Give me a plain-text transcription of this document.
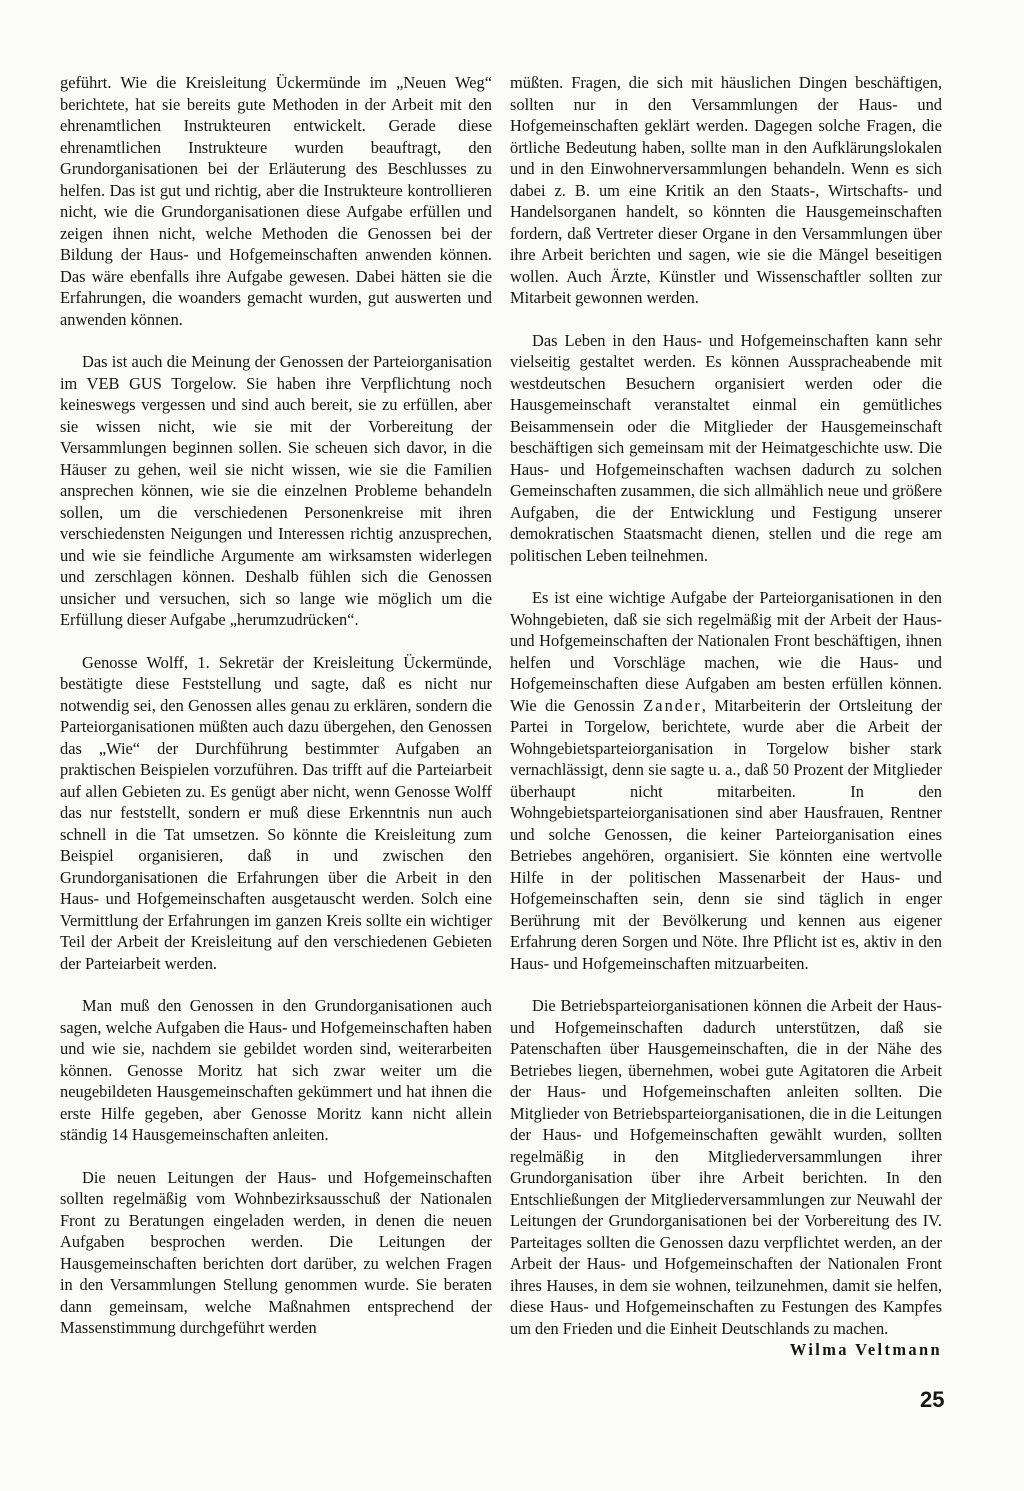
geführt. Wie die Kreisleitung Ückermünde im „Neuen Weg“ berichtete, hat sie bereits gute Methoden in der Arbeit mit den ehrenamtlichen Instrukteuren entwickelt. Gerade diese ehrenamtlichen Instrukteure wurden beauftragt, den Grundorganisationen bei der Erläuterung des Beschlusses zu helfen. Das ist gut und richtig, aber die Instrukteure kontrollieren nicht, wie die Grundorganisationen diese Aufgabe erfüllen und zeigen ihnen nicht, welche Methoden die Genossen bei der Bildung der Haus- und Hofgemeinschaften anwenden können. Das wäre ebenfalls ihre Aufgabe gewesen. Dabei hätten sie die Erfahrungen, die woanders gemacht wurden, gut auswerten und anwenden können.

Das ist auch die Meinung der Genossen der Parteiorganisation im VEB GUS Torgelow. Sie haben ihre Verpflichtung noch keineswegs vergessen und sind auch bereit, sie zu erfüllen, aber sie wissen nicht, wie sie mit der Vorbereitung der Versammlungen beginnen sollen. Sie scheuen sich davor, in die Häuser zu gehen, weil sie nicht wissen, wie sie die Familien ansprechen können, wie sie die einzelnen Probleme behandeln sollen, um die verschiedenen Personenkreise mit ihren verschiedensten Neigungen und Interessen richtig anzusprechen, und wie sie feindliche Argumente am wirksamsten widerlegen und zerschlagen können. Deshalb fühlen sich die Genossen unsicher und versuchen, sich so lange wie möglich um die Erfüllung dieser Aufgabe „herumzudrücken“.

Genosse Wolff, 1. Sekretär der Kreisleitung Ückermünde, bestätigte diese Feststellung und sagte, daß es nicht nur notwendig sei, den Genossen alles genau zu erklären, sondern die Parteiorganisationen müßten auch dazu übergehen, den Genossen das „Wie“ der Durchführung bestimmter Aufgaben an praktischen Beispielen vorzuführen. Das trifft auf die Parteiarbeit auf allen Gebieten zu. Es genügt aber nicht, wenn Genosse Wolff das nur feststellt, sondern er muß diese Erkenntnis nun auch schnell in die Tat umsetzen. So könnte die Kreisleitung zum Beispiel organisieren, daß in und zwischen den Grundorganisationen die Erfahrungen über die Arbeit in den Haus- und Hofgemeinschaften ausgetauscht werden. Solch eine Vermittlung der Erfahrungen im ganzen Kreis sollte ein wichtiger Teil der Arbeit der Kreisleitung auf den verschiedenen Gebieten der Parteiarbeit werden.

Man muß den Genossen in den Grundorganisationen auch sagen, welche Aufgaben die Haus- und Hofgemeinschaften haben und wie sie, nachdem sie gebildet worden sind, weiterarbeiten können. Genosse Moritz hat sich zwar weiter um die neugebildeten Hausgemeinschaften gekümmert und hat ihnen die erste Hilfe gegeben, aber Genosse Moritz kann nicht allein ständig 14 Hausgemeinschaften anleiten.

Die neuen Leitungen der Haus- und Hofgemeinschaften sollten regelmäßig vom Wohnbezirksausschuß der Nationalen Front zu Beratungen eingeladen werden, in denen die neuen Aufgaben besprochen werden. Die Leitungen der Hausgemeinschaften berichten dort darüber, zu welchen Fragen in den Versammlungen Stellung genommen wurde. Sie beraten dann gemeinsam, welche Maßnahmen entsprechend der Massenstimmung durchgeführt werden

müßten. Fragen, die sich mit häuslichen Dingen beschäftigen, sollten nur in den Versammlungen der Haus- und Hofgemeinschaften geklärt werden. Dagegen solche Fragen, die örtliche Bedeutung haben, sollte man in den Aufklärungslokalen und in den Einwohnerversammlungen behandeln. Wenn es sich dabei z. B. um eine Kritik an den Staats-, Wirtschafts- und Handelsorganen handelt, so könnten die Hausgemeinschaften fordern, daß Vertreter dieser Organe in den Versammlungen über ihre Arbeit berichten und sagen, wie sie die Mängel beseitigen wollen. Auch Ärzte, Künstler und Wissenschaftler sollten zur Mitarbeit gewonnen werden.

Das Leben in den Haus- und Hofgemeinschaften kann sehr vielseitig gestaltet werden. Es können Ausspracheabende mit westdeutschen Besuchern organisiert werden oder die Hausgemeinschaft veranstaltet einmal ein gemütliches Beisammensein oder die Mitglieder der Hausgemeinschaft beschäftigen sich gemeinsam mit der Heimatgeschichte usw. Die Haus- und Hofgemeinschaften wachsen dadurch zu solchen Gemeinschaften zusammen, die sich allmählich neue und größere Aufgaben, die der Entwicklung und Festigung unserer demokratischen Staatsmacht dienen, stellen und die rege am politischen Leben teilnehmen.

Es ist eine wichtige Aufgabe der Parteiorganisationen in den Wohngebieten, daß sie sich regelmäßig mit der Arbeit der Haus- und Hofgemeinschaften der Nationalen Front beschäftigen, ihnen helfen und Vorschläge machen, wie die Haus- und Hofgemeinschaften diese Aufgaben am besten erfüllen können. Wie die Genossin Zander, Mitarbeiterin der Ortsleitung der Partei in Torgelow, berichtete, wurde aber die Arbeit der Wohngebietsparteiorganisation in Torgelow bisher stark vernachlässigt, denn sie sagte u. a., daß 50 Prozent der Mitglieder überhaupt nicht mitarbeiten. In den Wohngebietsparteiorganisationen sind aber Hausfrauen, Rentner und solche Genossen, die keiner Parteiorganisation eines Betriebes angehören, organisiert. Sie könnten eine wertvolle Hilfe in der politischen Massenarbeit der Haus- und Hofgemeinschaften sein, denn sie sind täglich in enger Berührung mit der Bevölkerung und kennen aus eigener Erfahrung deren Sorgen und Nöte. Ihre Pflicht ist es, aktiv in den Haus- und Hofgemeinschaften mitzuarbeiten.

Die Betriebsparteiorganisationen können die Arbeit der Haus- und Hofgemeinschaften dadurch unterstützen, daß sie Patenschaften über Hausgemeinschaften, die in der Nähe des Betriebes liegen, übernehmen, wobei gute Agitatoren die Arbeit der Haus- und Hofgemeinschaften anleiten sollten. Die Mitglieder von Betriebsparteiorganisationen, die in die Leitungen der Haus- und Hofgemeinschaften gewählt wurden, sollten regelmäßig in den Mitgliederversammlungen ihrer Grundorganisation über ihre Arbeit berichten. In den Entschließungen der Mitgliederversammlungen zur Neuwahl der Leitungen der Grundorganisationen bei der Vorbereitung des IV. Parteitages sollten die Genossen dazu verpflichtet werden, an der Arbeit der Haus- und Hofgemeinschaften der Nationalen Front ihres Hauses, in dem sie wohnen, teilzunehmen, damit sie helfen, diese Haus- und Hofgemeinschaften zu Festungen des Kampfes um den Frieden und die Einheit Deutschlands zu machen.
Wilma Veltmann

25
